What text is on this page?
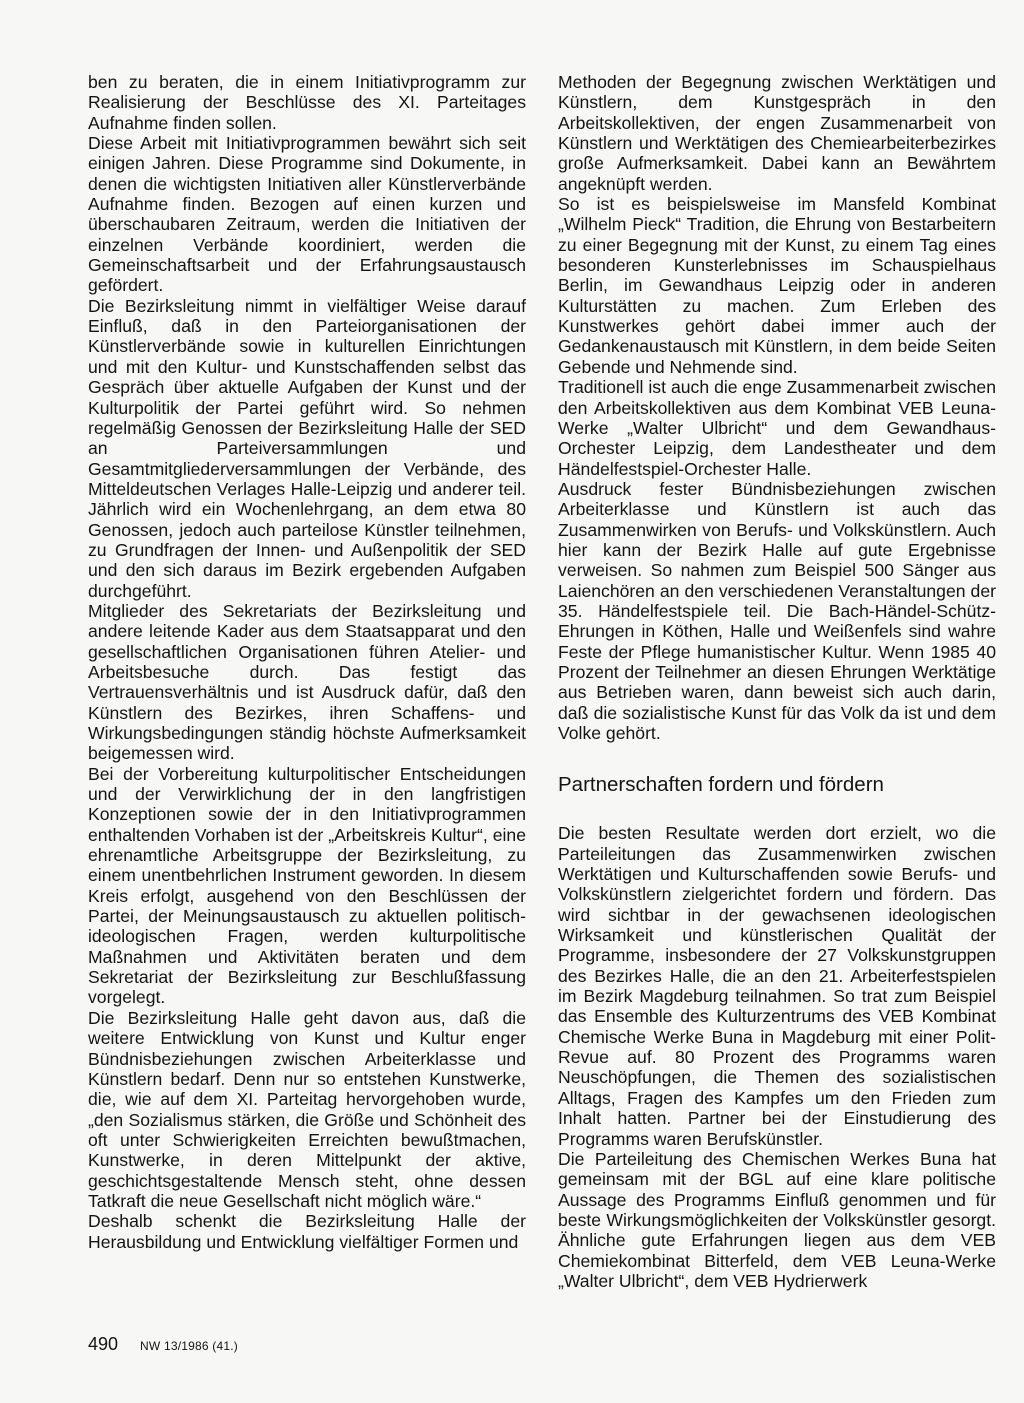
ben zu beraten, die in einem Initiativprogramm zur Realisierung der Beschlüsse des XI. Parteitages Aufnahme finden sollen.

Diese Arbeit mit Initiativprogrammen bewährt sich seit einigen Jahren. Diese Programme sind Dokumente, in denen die wichtigsten Initiativen aller Künstlerverbände Aufnahme finden. Bezogen auf einen kurzen und überschaubaren Zeitraum, werden die Initiativen der einzelnen Verbände koordiniert, werden die Gemeinschaftsarbeit und der Erfahrungsaustausch gefördert.

Die Bezirksleitung nimmt in vielfältiger Weise darauf Einfluß, daß in den Parteiorganisationen der Künstlerverbände sowie in kulturellen Einrichtungen und mit den Kultur- und Kunstschaffenden selbst das Gespräch über aktuelle Aufgaben der Kunst und der Kulturpolitik der Partei geführt wird. So nehmen regelmäßig Genossen der Bezirksleitung Halle der SED an Parteiversammlungen und Gesamtmitgliederversammlungen der Verbände, des Mitteldeutschen Verlages Halle-Leipzig und anderer teil. Jährlich wird ein Wochenlehrgang, an dem etwa 80 Genossen, jedoch auch parteilose Künstler teilnehmen, zu Grundfragen der Innen- und Außenpolitik der SED und den sich daraus im Bezirk ergebenden Aufgaben durchgeführt.

Mitglieder des Sekretariats der Bezirksleitung und andere leitende Kader aus dem Staatsapparat und den gesellschaftlichen Organisationen führen Atelier- und Arbeitsbesuche durch. Das festigt das Vertrauensverhältnis und ist Ausdruck dafür, daß den Künstlern des Bezirkes, ihren Schaffens- und Wirkungsbedingungen ständig höchste Aufmerksamkeit beigemessen wird.

Bei der Vorbereitung kulturpolitischer Entscheidungen und der Verwirklichung der in den langfristigen Konzeptionen sowie der in den Initiativprogrammen enthaltenden Vorhaben ist der „Arbeitskreis Kultur“, eine ehrenamtliche Arbeitsgruppe der Bezirksleitung, zu einem unentbehrlichen Instrument geworden. In diesem Kreis erfolgt, ausgehend von den Beschlüssen der Partei, der Meinungsaustausch zu aktuellen politisch-ideologischen Fragen, werden kulturpolitische Maßnahmen und Aktivitäten beraten und dem Sekretariat der Bezirksleitung zur Beschlußfassung vorgelegt.

Die Bezirksleitung Halle geht davon aus, daß die weitere Entwicklung von Kunst und Kultur enger Bündnisbeziehungen zwischen Arbeiterklasse und Künstlern bedarf. Denn nur so entstehen Kunstwerke, die, wie auf dem XI. Parteitag hervorgehoben wurde, „den Sozialismus stärken, die Größe und Schönheit des oft unter Schwierigkeiten Erreichten bewußtmachen, Kunstwerke, in deren Mittelpunkt der aktive, geschichtsgestaltende Mensch steht, ohne dessen Tatkraft die neue Gesellschaft nicht möglich wäre.“

Deshalb schenkt die Bezirksleitung Halle der Herausbildung und Entwicklung vielfältiger Formen und

Methoden der Begegnung zwischen Werktätigen und Künstlern, dem Kunstgespräch in den Arbeitskollektiven, der engen Zusammenarbeit von Künstlern und Werktätigen des Chemiearbeiterbezirkes große Aufmerksamkeit. Dabei kann an Bewährtem angeknüpft werden.

So ist es beispielsweise im Mansfeld Kombinat „Wilhelm Pieck“ Tradition, die Ehrung von Bestarbeitern zu einer Begegnung mit der Kunst, zu einem Tag eines besonderen Kunsterlebnisses im Schauspielhaus Berlin, im Gewandhaus Leipzig oder in anderen Kulturstätten zu machen. Zum Erleben des Kunstwerkes gehört dabei immer auch der Gedankenaustausch mit Künstlern, in dem beide Seiten Gebende und Nehmende sind.

Traditionell ist auch die enge Zusammenarbeit zwischen den Arbeitskollektiven aus dem Kombinat VEB Leuna-Werke „Walter Ulbricht“ und dem Gewandhaus-Orchester Leipzig, dem Landestheater und dem Händelfestspiel-Orchester Halle.

Ausdruck fester Bündnisbeziehungen zwischen Arbeiterklasse und Künstlern ist auch das Zusammenwirken von Berufs- und Volkskünstlern. Auch hier kann der Bezirk Halle auf gute Ergebnisse verweisen. So nahmen zum Beispiel 500 Sänger aus Laienchören an den verschiedenen Veranstaltungen der 35. Händelfestspiele teil. Die Bach-Händel-Schütz-Ehrungen in Köthen, Halle und Weißenfels sind wahre Feste der Pflege humanistischer Kultur. Wenn 1985 40 Prozent der Teilnehmer an diesen Ehrungen Werktätige aus Betrieben waren, dann beweist sich auch darin, daß die sozialistische Kunst für das Volk da ist und dem Volke gehört.

Partnerschaften fordern und fördern

Die besten Resultate werden dort erzielt, wo die Parteileitungen das Zusammenwirken zwischen Werktätigen und Kulturschaffenden sowie Berufs- und Volkskünstlern zielgerichtet fordern und fördern. Das wird sichtbar in der gewachsenen ideologischen Wirksamkeit und künstlerischen Qualität der Programme, insbesondere der 27 Volkskunstgruppen des Bezirkes Halle, die an den 21. Arbeiterfestspielen im Bezirk Magdeburg teilnahmen. So trat zum Beispiel das Ensemble des Kulturzentrums des VEB Kombinat Chemische Werke Buna in Magdeburg mit einer Polit-Revue auf. 80 Prozent des Programms waren Neuschöpfungen, die Themen des sozialistischen Alltags, Fragen des Kampfes um den Frieden zum Inhalt hatten. Partner bei der Einstudierung des Programms waren Berufskünstler.

Die Parteileitung des Chemischen Werkes Buna hat gemeinsam mit der BGL auf eine klare politische Aussage des Programms Einfluß genommen und für beste Wirkungsmöglichkeiten der Volkskünstler gesorgt. Ähnliche gute Erfahrungen liegen aus dem VEB Chemiekombinat Bitterfeld, dem VEB Leuna-Werke „Walter Ulbricht“, dem VEB Hydrierwerk

490 NW 13/1986 (41.)
